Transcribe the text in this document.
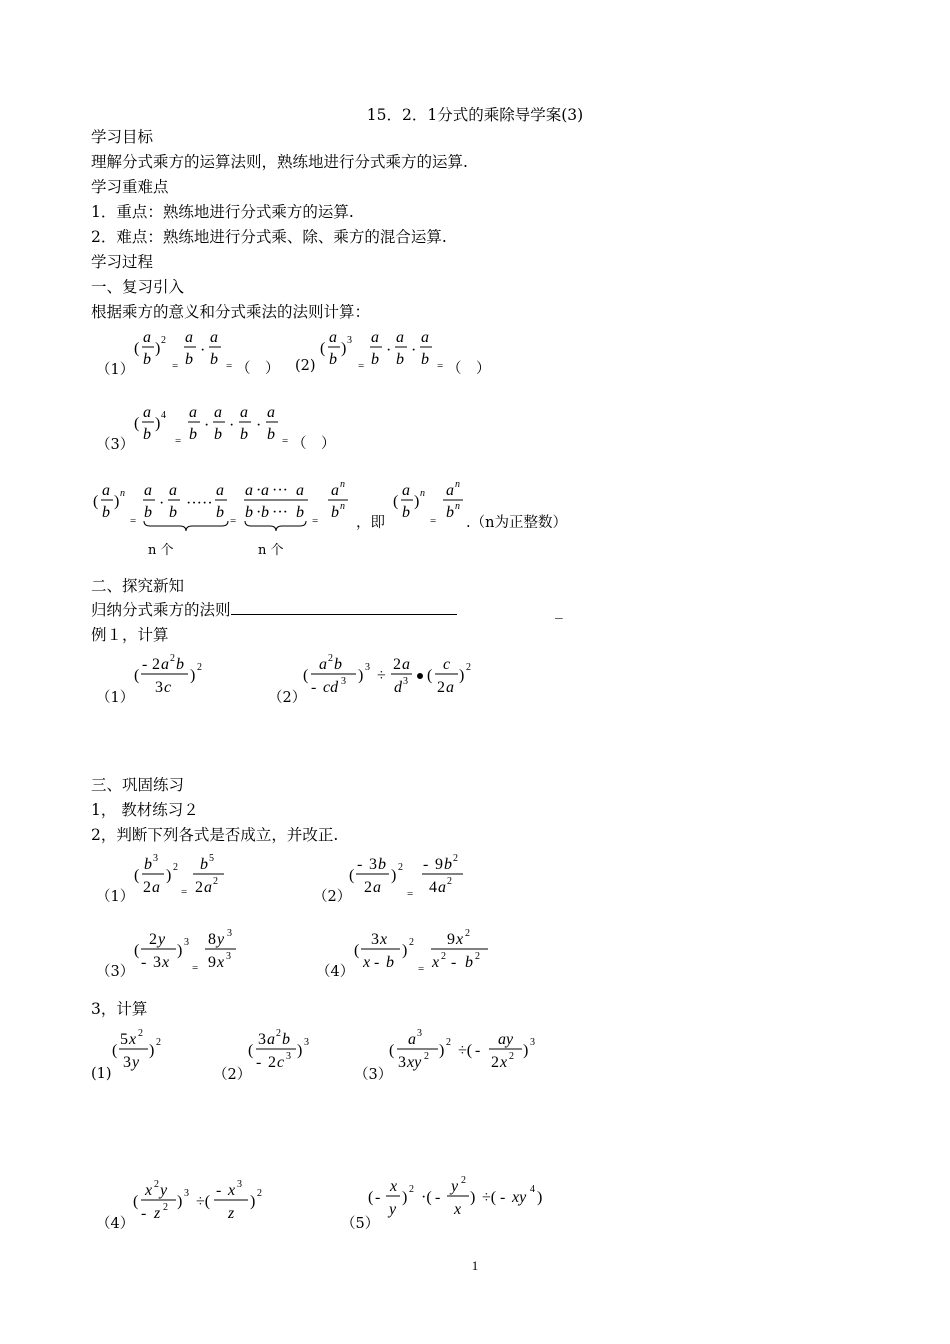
15．2．1分式的乘除导学案(3)
学习目标
理解分式乘方的运算法则，熟练地进行分式乘方的运算.
学习重难点
1．重点：熟练地进行分式乘方的运算.
2．难点：熟练地进行分式乘、除、乘方的混合运算.
学习过程
一、复习引入
根据乘方的意义和分式乘法的法则计算：
（1）
(
a
b
) 2
=
a
b
·
a
b = （　） (2)
(
a
b
) 3
=
a
b
·
a
b
·
a
b = （　）
（3）
(
a
b
) 4
=
a
b
·
a
b
·
a
b
·
a
b = （　）
(
a
b
) n
=
a
b
·
a
b
·····
a
b =
a · a ··· a
b · b ··· b =
a n
b n
n 个	n 个
，即
(
a
b
) n
=
a n
b n
.（n为正整数）
二、探究新知
归纳分式乘方的法则	_
例１，计算
（1）
(
- 2 a 2 b
3 c
) 2
（2）
(
a 2 b
- cd 3 ) 3 ÷
2 a
d 3 (
c
2 a
) 2
三、巩固练习
1， 教材练习２
2，判断下列各式是否成立，并改正.
（1）
(
b 3
2 a
) 2
=
b 5
2 a 2
（2）
(
- 3 b
2 a
) 2
=
- 9 b 2
4 a 2
（3）
(
2 y
- 3 x
) 3
=
8 y 3
9 x 3
（4）
(
3 x
x - b
) 2
=
9 x 2
x 2 - b 2
3，计算
(1)
(
5 x 2
3 y
) 2
（2）
(
3 a 2 b
- 2 c 3 ) 3
（3）
(
a 3
3 xy 2 ) 2 ÷( -
ay
2 x 2 ) 3
（4）
(
x 2 y
- z 2 ) 3 ÷(
- x 3
z
) 2
（5）
( -
x
y
) 2 ·( -
y 2
x
) ÷( - xy 4 )
1
